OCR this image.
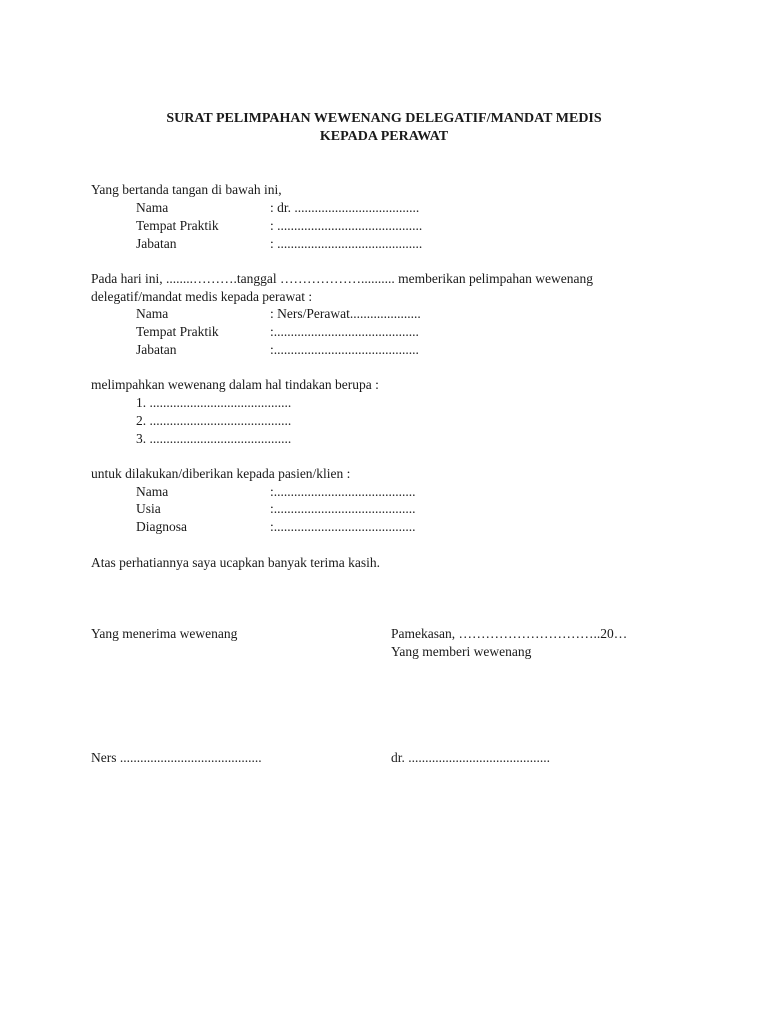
SURAT PELIMPAHAN WEWENANG DELEGATIF/MANDAT MEDIS
KEPADA PERAWAT
Yang bertanda tangan di bawah ini,
Nama	: dr. .....................................
Tempat Praktik	: ...........................................
Jabatan	: ...........................................
Pada hari ini, ........……….tanggal ……………….......... memberikan pelimpahan wewenang
delegatif/mandat medis kepada perawat :
Nama	: Ners/Perawat.....................
Tempat Praktik	:...........................................
Jabatan	:...........................................
melimpahkan wewenang dalam hal tindakan berupa :
1. ..........................................
2. ..........................................
3. ..........................................
untuk dilakukan/diberikan kepada pasien/klien :
Nama	:..........................................
Usia	:..........................................
Diagnosa	:..........................................
Atas perhatiannya saya ucapkan banyak terima kasih.
Yang menerima wewenang	Pamekasan, …………………………..20…
Yang memberi wewenang
Ners ..........................................	dr. ..........................................
